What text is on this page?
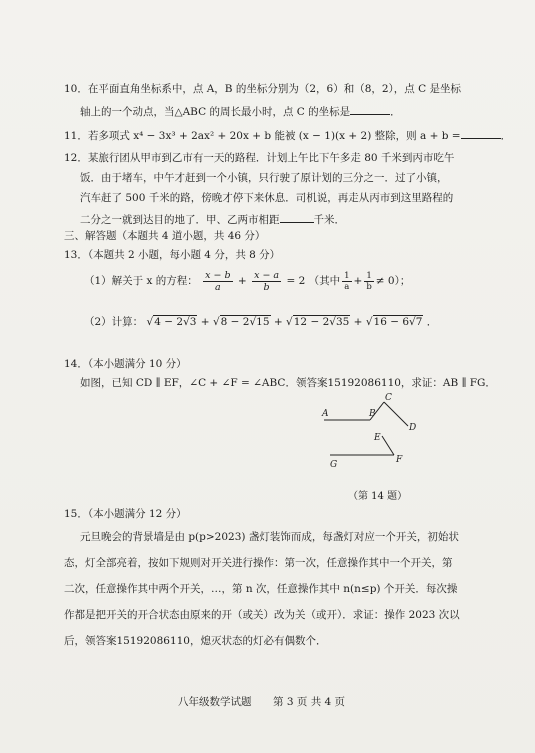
10．在平面直角坐标系中，点 A，B 的坐标分别为（2，6）和（8，2），点 C 是坐标
轴上的一个动点，当△ABC 的周长最小时，点 C 的坐标是	．
11．若多项式 x⁴ − 3x³ + 2ax² + 20x + b 能被 (x − 1)(x + 2) 整除，则 a + b =	．
12．某旅行团从甲市到乙市有一天的路程．计划上午比下午多走 80 千米到丙市吃午
饭．由于堵车，中午才赶到一个小镇，只行驶了原计划的三分之一．过了小镇，
汽车赶了 500 千米的路，傍晚才停下来休息．司机说，再走从丙市到这里路程的
二分之一就到达目的地了．甲、乙两市相距	千米．
三、解答题（本题共 4 道小题，共 46 分）
13．（本题共 2 小题，每小题 4 分，共 8 分）
（1）解关于 x 的方程： $\frac{x - b}{a} + \frac{x - a}{b} = 2$ （其中 $\frac{1}{a} + \frac{1}{b} \ne 0$）；
（2）计算： √4 − 2√3 + √8 − 2√15 + √12 − 2√35 + √16 − 6√7 ．
14．（本小题满分 10 分）
如图，已知 CD ∥ EF，∠C + ∠F = ∠ABC．领答案15192086110，求证：AB ∥ FG．
A	B
C
D
E
F
G
（第 14 题）
15．（本小题满分 12 分）
元旦晚会的背景墙是由 p(p>2023) 盏灯装饰而成，每盏灯对应一个开关，初始状
态，灯全部亮着，按如下规则对开关进行操作：第一次，任意操作其中一个开关，第
二次，任意操作其中两个开关，…，第 n 次，任意操作其中 n(n≤p) 个开关．每次操
作都是把开关的开合状态由原来的开（或关）改为关（或开）．求证：操作 2023 次以
后，领答案15192086110，熄灭状态的灯必有偶数个．
八年级数学试题 第 3 页 共 4 页
